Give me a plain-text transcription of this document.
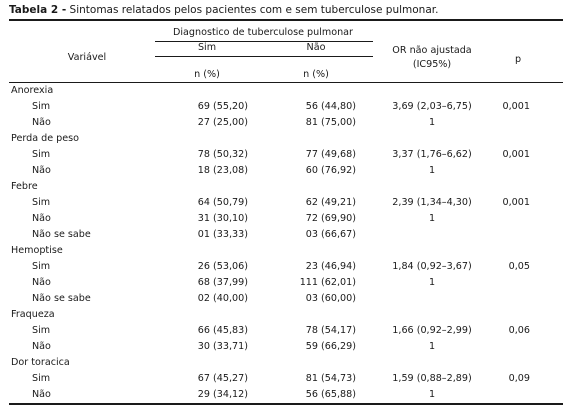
Tabela 2 - Sintomas relatados pelos pacientes com e sem tuberculose pulmonar.
Variável
Diagnostico de tuberculose pulmonar
Sim	Não
n (%)	n (%)
OR não ajustada
(IC95%)	p
Anorexia
Sim	69 (55,20)	56 (44,80)	3,69 (2,03–6,75)	0,001
Não	27 (25,00)	81 (75,00)	1
Perda de peso
Sim	78 (50,32)	77 (49,68)	3,37 (1,76–6,62)	0,001
Não	18 (23,08)	60 (76,92)	1
Febre
Sim	64 (50,79)	62 (49,21)	2,39 (1,34–4,30)	0,001
Não	31 (30,10)	72 (69,90)	1
Não se sabe	01 (33,33)	03 (66,67)
Hemoptise
Sim	26 (53,06)	23 (46,94)	1,84 (0,92–3,67)	0,05
Não	68 (37,99)	111 (62,01)	1
Não se sabe	02 (40,00)	03 (60,00)
Fraqueza
Sim	66 (45,83)	78 (54,17)	1,66 (0,92–2,99)	0,06
Não	30 (33,71)	59 (66,29)	1
Dor toracica
Sim	67 (45,27)	81 (54,73)	1,59 (0,88–2,89)	0,09
Não	29 (34,12)	56 (65,88)	1
